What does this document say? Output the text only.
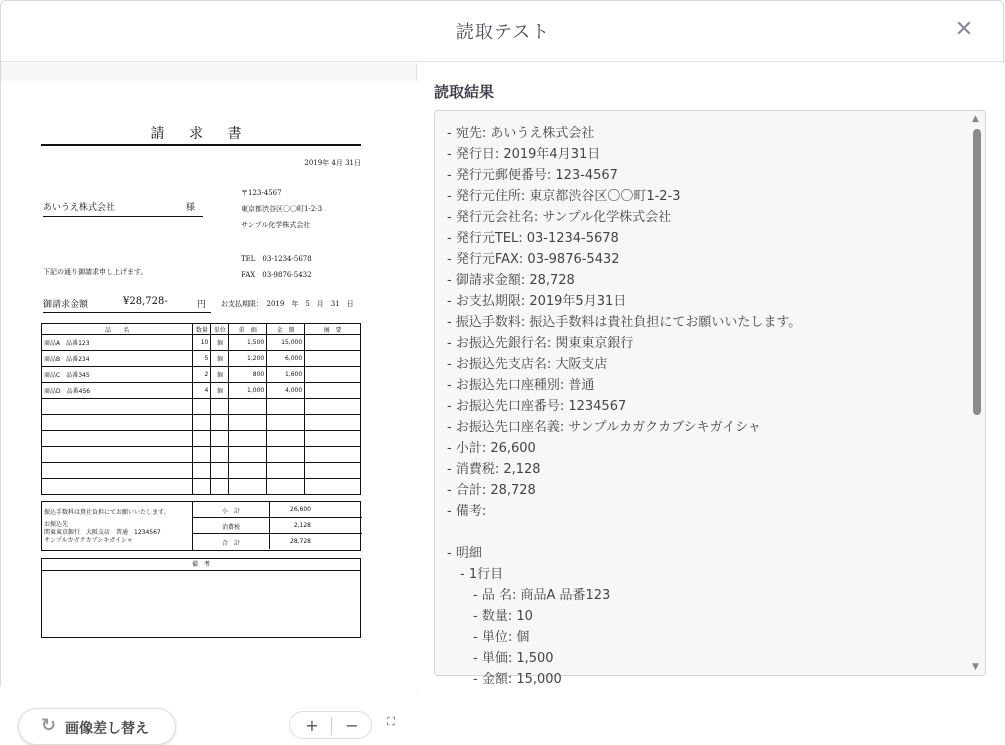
読取テスト	✕
請 求 書
2019年 4月 31日
あいうえ株式会社	様
〒123-4567
東京都渋谷区〇〇町1-2-3
サンプル化学株式会社
TEL　03-1234-5678
FAX　03-9876-5432
下記の通り御請求申し上げます。
御請求金額	¥28,728-	円 お支払期限：　2019　年　5　月　31　日
品　　名	数量	単位	単　価	金　額	摘　要
商品A　品番123	10	個	1,500	15,000	
商品B　品番234	5	個	1,200	6,000	
商品C　品番345	2	個	800	1,600	
商品D　品番456	4	個	1,000	4,000	

振込手数料は貴社負担にてお願いいたします。
お振込先
関東東京銀行　大阪支店　普通　1234567
サンプルカガクカブシキガイシャ
小　計	26,600
消費税	2,128
合　計	28,728
備　考
↻ 画像差し替え	+	−	⛶
読取結果
- 宛先: あいうえ株式会社
- 発行日: 2019年4月31日
- 発行元郵便番号: 123-4567
- 発行元住所: 東京都渋谷区〇〇町1-2-3
- 発行元会社名: サンプル化学株式会社
- 発行元TEL: 03-1234-5678
- 発行元FAX: 03-9876-5432
- 御請求金額: 28,728
- お支払期限: 2019年5月31日
- 振込手数料: 振込手数料は貴社負担にてお願いいたします。
- お振込先銀行名: 関東東京銀行
- お振込先支店名: 大阪支店
- お振込先口座種別: 普通
- お振込先口座番号: 1234567
- お振込先口座名義: サンプルカガクカブシキガイシャ
- 小計: 26,600
- 消費税: 2,128
- 合計: 28,728
- 備考:
- 明細
　- 1行目
　　- 品 名: 商品A 品番123
　　- 数量: 10
　　- 単位: 個
　　- 単価: 1,500
　　- 金額: 15,000
▲
▼
